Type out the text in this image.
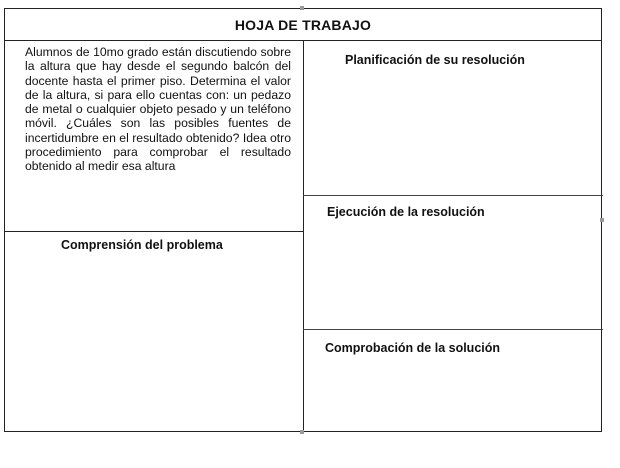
HOJA DE TRABAJO

Alumnos de 10mo grado están discutiendo sobre la altura que hay desde el segundo balcón del docente hasta el primer piso. Determina el valor de la altura, si para ello cuentas con: un pedazo de metal o cualquier objeto pesado y un teléfono móvil. ¿Cuáles son las posibles fuentes de incertidumbre en el resultado obtenido? Idea otro procedimiento para comprobar el resultado obtenido al medir esa altura

Comprensión del problema

Planificación de su resolución

Ejecución de la resolución

Comprobación de la solución
